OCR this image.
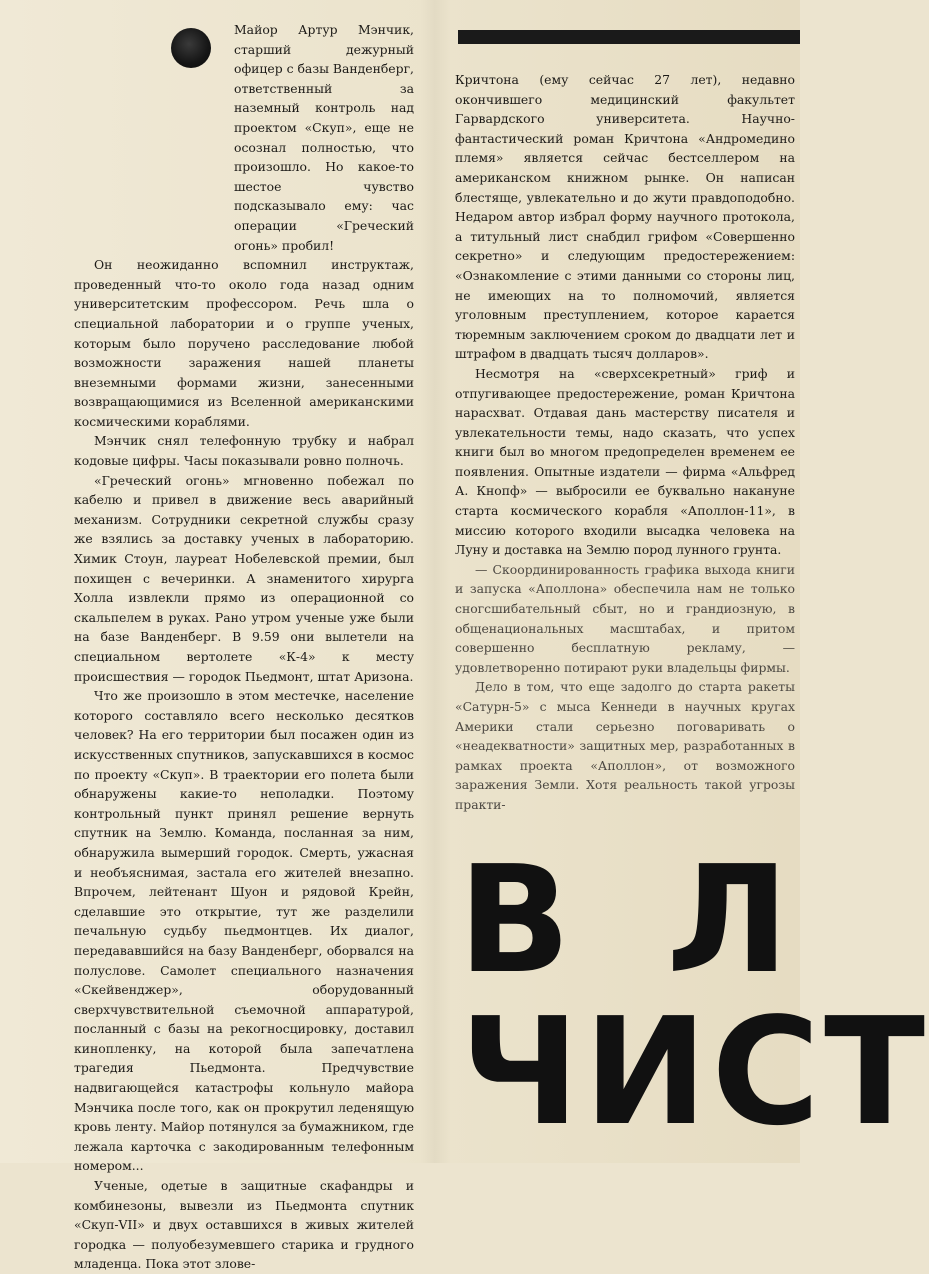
Майор Артур Мэнчик, старший дежурный офицер с базы Ванденберг, ответственный за наземный контроль над проектом «Скуп», еще не осознал полностью, что произошло. Но какое-то шестое чувство подсказывало ему: час операции «Греческий огонь» пробил!

Он неожиданно вспомнил инструктаж, проведенный что-то около года назад одним университетским профессором. Речь шла о специальной лаборатории и о группе ученых, которым было поручено расследование любой возможности заражения нашей планеты внеземными формами жизни, занесенными возвращающимися из Вселенной американскими космическими кораблями.

Мэнчик снял телефонную трубку и набрал кодовые цифры. Часы показывали ровно полночь.

«Греческий огонь» мгновенно побежал по кабелю и привел в движение весь аварийный механизм. Сотрудники секретной службы сразу же взялись за доставку ученых в лабораторию. Химик Стоун, лауреат Нобелевской премии, был похищен с вечеринки. А знаменитого хирурга Холла извлекли прямо из операционной со скальпелем в руках. Рано утром ученые уже были на базе Ванденберг. В 9.59 они вылетели на специальном вертолете «К-4» к месту происшествия — городок Пьедмонт, штат Аризона.

Что же произошло в этом местечке, население которого составляло всего несколько десятков человек? На его территории был посажен один из искусственных спутников, запускавшихся в космос по проекту «Скуп». В траектории его полета были обнаружены какие-то неполадки. Поэтому контрольный пункт принял решение вернуть спутник на Землю. Команда, посланная за ним, обнаружила вымерший городок. Смерть, ужасная и необъяснимая, застала его жителей внезапно. Впрочем, лейтенант Шуон и рядовой Крейн, сделавшие это открытие, тут же разделили печальную судьбу пьедмонтцев. Их диалог, передававшийся на базу Ванденберг, оборвался на полуслове. Самолет специального назначения «Скейвенджер», оборудованный сверхчувствительной съемочной аппаратурой, посланный с базы на рекогносцировку, доставил кинопленку, на которой была запечатлена трагедия Пьедмонта. Предчувствие надвигающейся катастрофы кольнуло майора Мэнчика после того, как он прокрутил леденящую кровь ленту. Майор потянулся за бумажником, где лежала карточка с закодированным телефонным номером...

Ученые, одетые в защитные скафандры и комбинезоны, вывезли из Пьедмонта спутник «Скуп-VII» и двух оставшихся в живых жителей городка — полуобезумевшего старика и грудного младенца. Пока этот злове-

Кричтона (ему сейчас 27 лет), недавно окончившего медицинский факультет Гарвардского университета. Научно-фантастический роман Кричтона «Андромедино племя» является сейчас бестселлером на американском книжном рынке. Он написан блестяще, увлекательно и до жути правдоподобно. Недаром автор избрал форму научного протокола, а титульный лист снабдил грифом «Совершенно секретно» и следующим предостережением: «Ознакомление с этими данными со стороны лиц, не имеющих на то полномочий, является уголовным преступлением, которое карается тюремным заключением сроком до двадцати лет и штрафом в двадцать тысяч долларов».

Несмотря на «сверхсекретный» гриф и отпугивающее предостережение, роман Кричтона нарасхват. Отдавая дань мастерству писателя и увлекательности темы, надо сказать, что успех книги был во многом предопределен временем ее появления. Опытные издатели — фирма «Альфред А. Кнопф» — выбросили ее буквально накануне старта космического корабля «Аполлон-11», в миссию которого входили высадка человека на Луну и доставка на Землю пород лунного грунта.

— Скоординированность графика выхода книги и запуска «Аполлона» обеспечила нам не только сногсшибательный сбыт, но и грандиозную, в общенациональных масштабах, и притом совершенно бесплатную рекламу, — удовлетворенно потирают руки владельцы фирмы.

Дело в том, что еще задолго до старта ракеты «Сатурн-5» с мыса Кеннеди в научных кругах Америки стали серьезно поговаривать о «неадекватности» защитных мер, разработанных в рамках проекта «Аполлон», от возможного заражения Земли. Хотя реальность такой угрозы практи-

В Л
ЧИСТ
